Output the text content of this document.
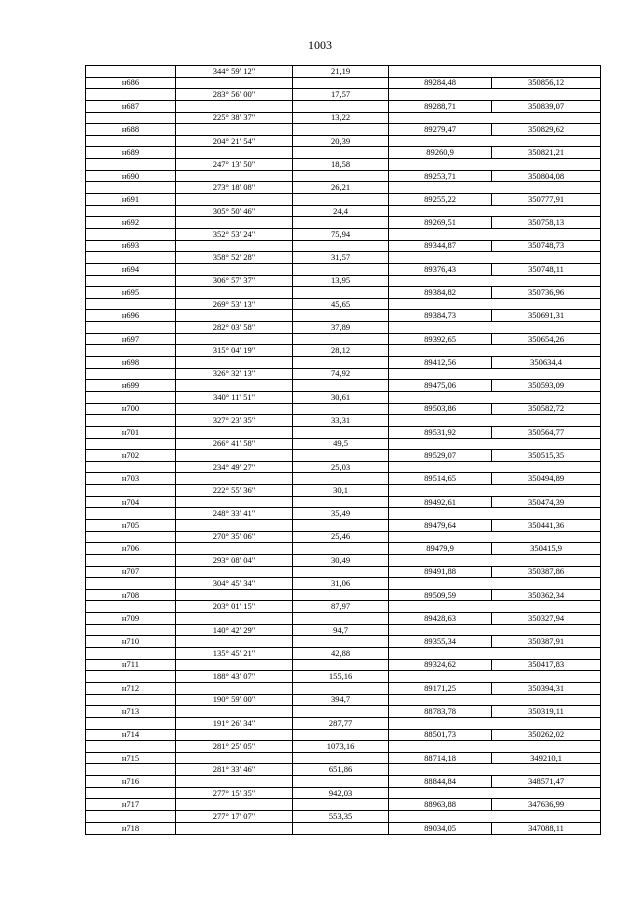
1003
	344° 59' 12"	21,19		
н686			89284,48	350856,12
	283° 56' 00"	17,57		
н687			89288,71	350839,07
	225° 38' 37"	13,22		
н688			89279,47	350829,62
	204° 21' 54"	20,39		
н689			89260,9	350821,21
	247° 13' 50"	18,58		
н690			89253,71	350804,08
	273° 18' 08"	26,21		
н691			89255,22	350777,91
	305° 50' 46"	24,4		
н692			89269,51	350758,13
	352° 53' 24"	75,94		
н693			89344,87	350748,73
	358° 52' 28"	31,57		
н694			89376,43	350748,11
	306° 57' 37"	13,95		
н695			89384,82	350736,96
	269° 53' 13"	45,65		
н696			89384,73	350691,31
	282° 03' 58"	37,89		
н697			89392,65	350654,26
	315° 04' 19"	28,12		
н698			89412,56	350634,4
	326° 32' 13"	74,92		
н699			89475,06	350593,09
	340° 11' 51"	30,61		
н700			89503,86	350582,72
	327° 23' 35"	33,31		
н701			89531,92	350564,77
	266° 41' 58"	49,5		
н702			89529,07	350515,35
	234° 49' 27"	25,03		
н703			89514,65	350494,89
	222° 55' 36"	30,1		
н704			89492,61	350474,39
	248° 33' 41"	35,49		
н705			89479,64	350441,36
	270° 35' 06"	25,46		
н706			89479,9	350415,9
	293° 08' 04"	30,49		
н707			89491,88	350387,86
	304° 45' 34"	31,06		
н708			89509,59	350362,34
	203° 01' 15"	87,97		
н709			89428,63	350327,94
	140° 42' 29"	94,7		
н710			89355,34	350387,91
	135° 45' 21"	42,88		
н711			89324,62	350417,83
	188° 43' 07"	155,16		
н712			89171,25	350394,31
	190° 59' 00"	394,7		
н713			88783,78	350319,11
	191° 26' 34"	287,77		
н714			88501,73	350262,02
	281° 25' 05"	1073,16		
н715			88714,18	349210,1
	281° 33' 46"	651,86		
н716			88844,84	348571,47
	277° 15' 35"	942,03		
н717			88963,88	347636,99
	277° 17' 07"	553,35		
н718			89034,05	347088,11
